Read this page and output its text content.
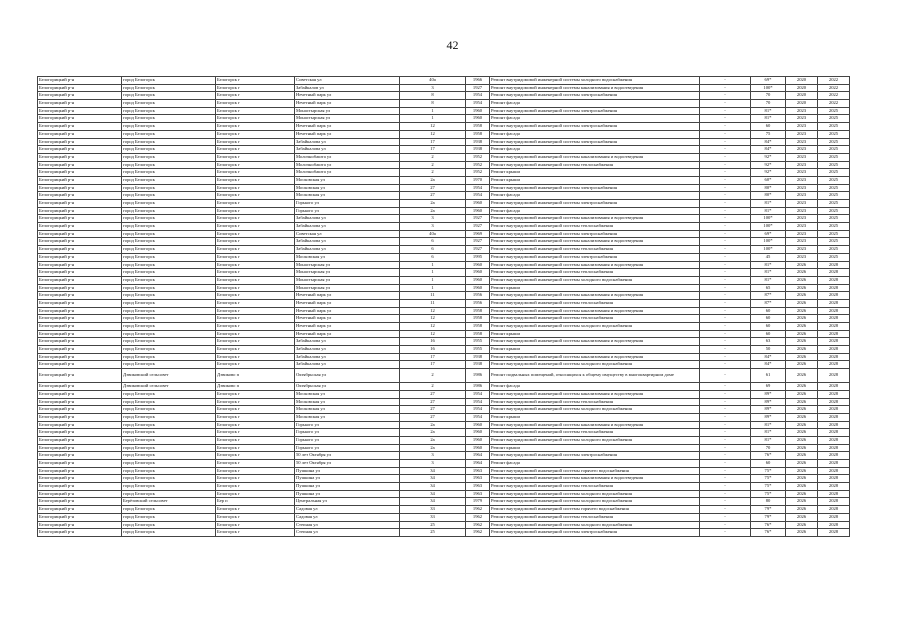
42
Белогорицкий р-н	город Белогорск	Белогорск г	Советская ул	40а	1966	Ремонт внутридомовой инженерной системы холодного водоснабжения	-	69*	2020	2022
Белогорицкий р-н	город Белогорск	Белогорск г	Забайкалов ул	3	1927	Ремонт внутридомовой инженерной системы канализования и водоотведения	-	100*	2020	2022
Белогорицкий р-н	город Белогорск	Белогорск г	Нечетный парк ул	8	1954	Ремонт внутридомовой инженерной системы электроснабжения	-	70	2020	2022
Белогорицкий р-н	город Белогорск	Белогорск г	Нечетный парк ул	8	1954	Ремонт фасада	-	70	2020	2022
Белогорицкий р-н	город Белогорск	Белогорск г	Монастырская ул	1	1960	Ремонт внутридомовой инженерной системы электроснабжения	-	81*	2023	2025
Белогорицкий р-н	город Белогорск	Белогорск г	Монастырская ул	1	1960	Ремонт фасада	-	81*	2023	2025
Белогорицкий р-н	город Белогорск	Белогорск г	Нечетный парк ул	12	1958	Ремонт внутридомовой инженерной системы электроснабжения	-	60	2023	2025
Белогорицкий р-н	город Белогорск	Белогорск г	Нечетный парк ул	12	1958	Ремонт фасада	-	75	2023	2025
Белогорицкий р-н	город Белогорск	Белогорск г	Забайкалова ул	17	1938	Ремонт внутридомовой инженерной системы электроснабжения	-	84*	2023	2025
Белогорицкий р-н	город Белогорск	Белогорск г	Забайкалова ул	17	1938	Ремонт фасада	-	84*	2023	2025
Белогорицкий р-н	город Белогорск	Белогорск г	Молочнобашта ул	2	1952	Ремонт внутридомовой инженерной системы канализования и водоотведения	-	92*	2023	2025
Белогорицкий р-н	город Белогорск	Белогорск г	Молочнобашта ул	2	1952	Ремонт внутридомовой инженерной системы теплоснабжения	-	92*	2023	2025
Белогорицкий р-н	город Белогорск	Белогорск г	Молочнобашта ул	2	1952	Ремонт крыши	-	92*	2023	2025
Белогорицкий р-н	город Белогорск	Белогорск г	Московская ул	2а	1970	Ремонт крыши	-	60*	2023	2025
Белогорицкий р-н	город Белогорск	Белогорск г	Московская ул	27	1954	Ремонт внутридомовой инженерной системы электроснабжения	-	80*	2023	2025
Белогорицкий р-н	город Белогорск	Белогорск г	Московская ул	27	1954	Ремонт фасада	-	80*	2023	2025
Белогорицкий р-н	город Белогорск	Белогорск г	Горького ул	2а	1960	Ремонт внутридомовой инженерной системы электроснабжения	-	81*	2023	2025
Белогорицкий р-н	город Белогорск	Белогорск г	Горького ул	2а	1960	Ремонт фасада	-	81*	2023	2025
Белогорицкий р-н	город Белогорск	Белогорск г	Забайкалова ул	3	1927	Ремонт внутридомовой инженерной системы канализования и водоотведения	-	100*	2023	2025
Белогорицкий р-н	город Белогорск	Белогорск г	Забайкалова ул	3	1927	Ремонт внутридомовой инженерной системы теплоснабжения	-	100*	2023	2025
Белогорицкий р-н	город Белогорск	Белогорск г	Советская ул	40а	1969	Ремонт внутридомовой инженерной системы электроснабжения	-	69*	2023	2025
Белогорицкий р-н	город Белогорск	Белогорск г	Забайкалова ул	6	1927	Ремонт внутридомовой инженерной системы канализования и водоотведения	-	100*	2023	2025
Белогорицкий р-н	город Белогорск	Белогорск г	Забайкалова ул	6	1927	Ремонт внутридомовой инженерной системы теплоснабжения	-	100*	2023	2025
Белогорицкий р-н	город Белогорск	Белогорск г	Московская ул	6	1995	Ремонт внутридомовой инженерной системы электроснабжения	-	45	2023	2025
Белогорицкий р-н	город Белогорск	Белогорск г	Монастырская ул	1	1960	Ремонт внутридомовой инженерной системы канализования и водоотведения	-	81*	2026	2028
Белогорицкий р-н	город Белогорск	Белогорск г	Монастырская ул	1	1960	Ремонт внутридомовой инженерной системы теплоснабжения	-	81*	2026	2028
Белогорицкий р-н	город Белогорск	Белогорск г	Монастырская ул	1	1960	Ремонт внутридомовой инженерной системы холодного водоснабжения	-	81*	2026	2028
Белогорицкий р-н	город Белогорск	Белогорск г	Монастырская ул	1	1960	Ремонт крыши	-	65	2026	2028
Белогорицкий р-н	город Белогорск	Белогорск г	Нечетный парк ул	11	1956	Ремонт внутридомовой инженерной системы канализования и водоотведения	-	87*	2026	2028
Белогорицкий р-н	город Белогорск	Белогорск г	Нечетный парк ул	11	1956	Ремонт внутридомовой инженерной системы теплоснабжения	-	87*	2026	2028
Белогорицкий р-н	город Белогорск	Белогорск г	Нечетный парк ул	12	1958	Ремонт внутридомовой инженерной системы канализования и водоотведения	-	60	2026	2028
Белогорицкий р-н	город Белогорск	Белогорск г	Нечетный парк ул	12	1958	Ремонт внутридомовой инженерной системы теплоснабжения	-	60	2026	2028
Белогорицкий р-н	город Белогорск	Белогорск г	Нечетный парк ул	12	1958	Ремонт внутридомовой инженерной системы холодного водоснабжения	-	60	2026	2028
Белогорицкий р-н	город Белогорск	Белогорск г	Нечетный парк ул	12	1958	Ремонт крыши	-	60	2026	2028
Белогорицкий р-н	город Белогорск	Белогорск г	Забайкалова ул	16	1955	Ремонт внутридомовой инженерной системы канализования и водоотведения	-	63	2026	2028
Белогорицкий р-н	город Белогорск	Белогорск г	Забайкалова ул	16	1955	Ремонт крыши	-	50	2026	2028
Белогорицкий р-н	город Белогорск	Белогорск г	Забайкалова ул	17	1938	Ремонт внутридомовой инженерной системы канализования и водоотведения	-	84*	2026	2028
Белогорицкий р-н	город Белогорск	Белогорск г	Забайкалова ул	17	1938	Ремонт внутридомовой инженерной системы холодного водоснабжения	-	84*	2026	2028
Белогорицкий р-н	Дзвиковский сельсовет	Дзвиково п	Октябрьская ул	2	1986	Ремонт подвальных помещений, относящихся к общему имуществу в многоквартирном доме	-	61	2026	2028
Белогорицкий р-н	Дзвиковский сельсовет	Дзвиково п	Октябрьская ул	2	1986	Ремонт фасада	-	69	2026	2028
Белогорицкий р-н	город Белогорск	Белогорск г	Московская ул	27	1954	Ремонт внутридомовой инженерной системы канализования и водоотведения	-	89*	2026	2028
Белогорицкий р-н	город Белогорск	Белогорск г	Московская ул	27	1954	Ремонт внутридомовой инженерной системы теплоснабжения	-	89*	2026	2028
Белогорицкий р-н	город Белогорск	Белогорск г	Московская ул	27	1954	Ремонт внутридомовой инженерной системы холодного водоснабжения	-	89*	2026	2028
Белогорицкий р-н	город Белогорск	Белогорск г	Московская ул	27	1954	Ремонт крыши	-	89*	2026	2028
Белогорицкий р-н	город Белогорск	Белогорск г	Горького ул	2а	1960	Ремонт внутридомовой инженерной системы канализования и водоотведения	-	81*	2026	2028
Белогорицкий р-н	город Белогорск	Белогорск г	Горького ул	2а	1960	Ремонт внутридомовой инженерной системы теплоснабжения	-	81*	2026	2028
Белогорицкий р-н	город Белогорск	Белогорск г	Горького ул	2а	1960	Ремонт внутридомовой инженерной системы холодного водоснабжения	-	81*	2026	2028
Белогорицкий р-н	город Белогорск	Белогорск г	Горького ул	2а	1960	Ремонт крыши	-	70	2026	2028
Белогорицкий р-н	город Белогорск	Белогорск г	50 лет Октября ул	3	1964	Ремонт внутридомовой инженерной системы электроснабжения	-	76*	2026	2028
Белогорицкий р-н	город Белогорск	Белогорск г	50 лет Октября ул	3	1964	Ремонт фасада	-	60	2026	2028
Белогорицкий р-н	город Белогорск	Белогорск г	Пушкина ул	34	1963	Ремонт внутридомовой инженерной системы горячего водоснабжения	-	75*	2026	2028
Белогорицкий р-н	город Белогорск	Белогорск г	Пушкина ул	34	1963	Ремонт внутридомовой инженерной системы канализования и водоотведения	-	75*	2026	2028
Белогорицкий р-н	город Белогорск	Белогорск г	Пушкина ул	34	1963	Ремонт внутридомовой инженерной системы теплоснабжения	-	75*	2026	2028
Белогорицкий р-н	город Белогорск	Белогорск г	Пушкина ул	34	1963	Ремонт внутридомовой инженерной системы холодного водоснабжения	-	75*	2026	2028
Белогорицкий р-н	Берёзовский сельсовет	Бер п	Центральная ул	34	1979	Ремонт внутридомовой инженерной системы холодного водоснабжения	-	80	2026	2028
Белогорицкий р-н	город Белогорск	Белогорск г	Садовая ул	33	1962	Ремонт внутридомовой инженерной системы горячего водоснабжения	-	79*	2026	2028
Белогорицкий р-н	город Белогорск	Белогорск г	Садовая ул	33	1962	Ремонт внутридомовой инженерной системы теплоснабжения	-	79*	2026	2028
Белогорицкий р-н	город Белогорск	Белогорск г	Степная ул	25	1962	Ремонт внутридомовой инженерной системы холодного водоснабжения	-	76*	2026	2028
Белогорицкий р-н	город Белогорск	Белогорск г	Степная ул	25	1962	Ремонт внутридомовой инженерной системы электроснабжения	-	76*	2026	2028
